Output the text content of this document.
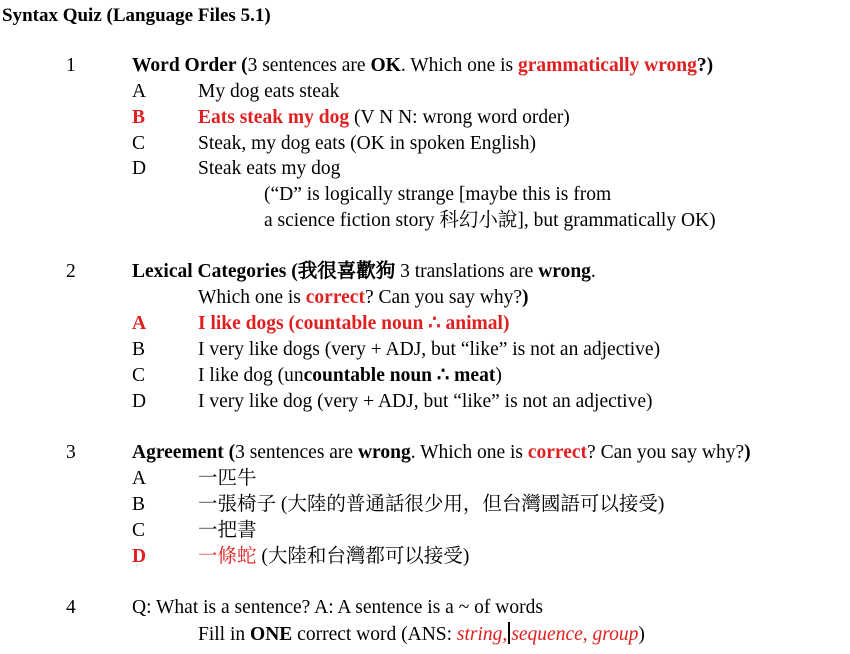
Syntax Quiz (Language Files 5.1)
1	Word Order (3 sentences are OK. Which one is grammatically wrong?)
A	My dog eats steak
B	Eats steak my dog (V N N: wrong word order)
C	Steak, my dog eats (OK in spoken English)
D	Steak eats my dog
(“D” is logically strange [maybe this is from
a science fiction story 科幻小說], but grammatically OK)
2	Lexical Categories (我很喜歡狗 3 translations are wrong.
Which one is correct? Can you say why?)
A	I like dogs (countable noun ∴ animal)
B	I very like dogs (very + ADJ, but “like” is not an adjective)
C	I like dog (uncountable noun ∴ meat)
D	I very like dog (very + ADJ, but “like” is not an adjective)
3	Agreement (3 sentences are wrong. Which one is correct? Can you say why?)
A	一匹牛
B	一張椅子 (大陸的普通話很少用，但台灣國語可以接受)
C	一把書
D	一條蛇 (大陸和台灣都可以接受)
4	Q: What is a sentence? A: A sentence is a ~ of words
Fill in ONE correct word (ANS: string, sequence, group)
